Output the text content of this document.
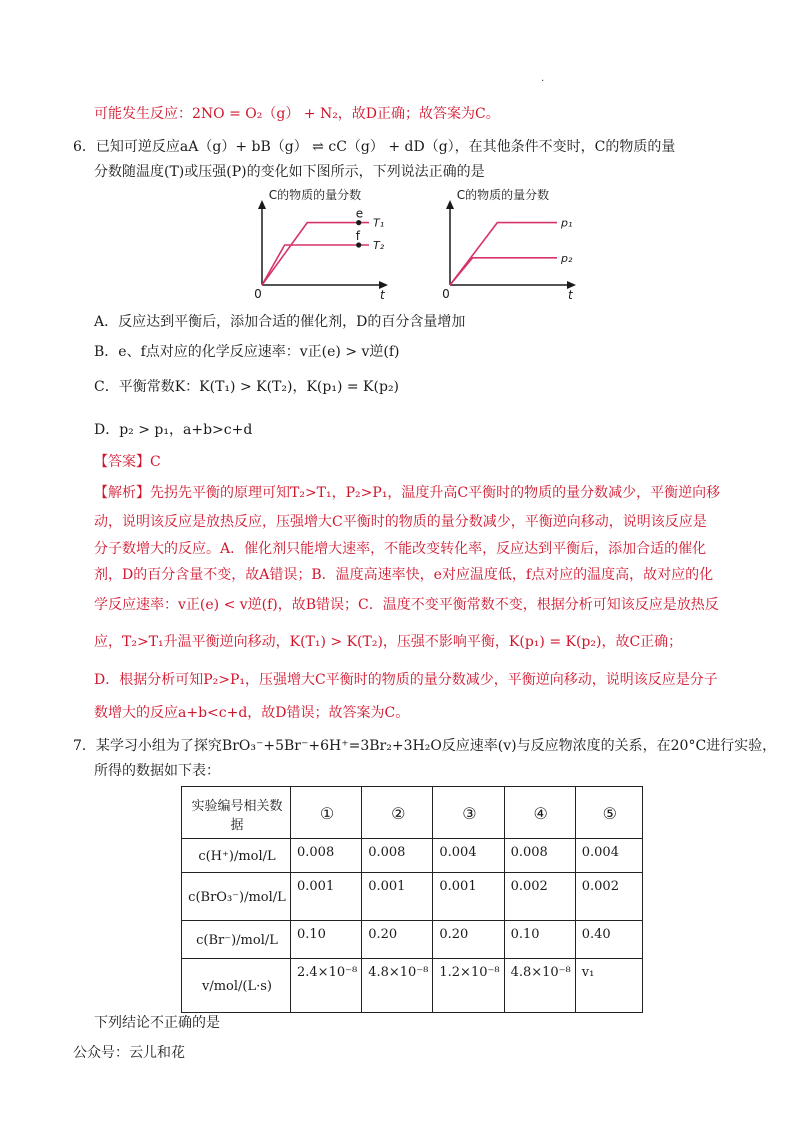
·
可能发生反应：2NO = O₂（g） + N₂，故D正确；故答案为C。
6．已知可逆反应aA（g）+ bB（g） ⇌ cC（g） + dD（g），在其他条件不变时，C的物质的量
分数随温度(T)或压强(P)的变化如下图所示，下列说法正确的是
C的物质的量分数
0	t
T₁
e
T₂
f
C的物质的量分数
0	t
p₁
p₂
A．反应达到平衡后，添加合适的催化剂，D的百分含量增加
B．e、f点对应的化学反应速率：v正(e) > v逆(f)
C．平衡常数K：K(T₁) > K(T₂)，K(p₁) = K(p₂)
D．p₂ > p₁，a+b>c+d
【答案】C
【解析】先拐先平衡的原理可知T₂>T₁，P₂>P₁，温度升高C平衡时的物质的量分数减少，平衡逆向移
动，说明该反应是放热反应，压强增大C平衡时的物质的量分数减少，平衡逆向移动，说明该反应是
分子数增大的反应。A．催化剂只能增大速率，不能改变转化率，反应达到平衡后，添加合适的催化
剂，D的百分含量不变，故A错误；B．温度高速率快，e对应温度低，f点对应的温度高，故对应的化
学反应速率：v正(e) < v逆(f)，故B错误；C．温度不变平衡常数不变，根据分析可知该反应是放热反
应，T₂>T₁升温平衡逆向移动，K(T₁) > K(T₂)，压强不影响平衡，K(p₁) = K(p₂)，故C正确；
D．根据分析可知P₂>P₁，压强增大C平衡时的物质的量分数减少，平衡逆向移动，说明该反应是分子
数增大的反应a+b<c+d，故D错误；故答案为C。
7．某学习小组为了探究BrO₃⁻+5Br⁻+6H⁺=3Br₂+3H₂O反应速率(v)与反应物浓度的关系，在20°C进行实验，
所得的数据如下表：
实验编号相关数据	①	②	③	④	⑤
c(H⁺)/mol/L	0.008	0.008	0.004	0.008	0.004
c(BrO₃⁻)/mol/L	0.001	0.001	0.001	0.002	0.002
c(Br⁻)/mol/L	0.10	0.20	0.20	0.10	0.40
v/mol/(L·s)	2.4×10⁻⁸	4.8×10⁻⁸	1.2×10⁻⁸	4.8×10⁻⁸	v₁
下列结论不正确的是
公众号：云儿和花
